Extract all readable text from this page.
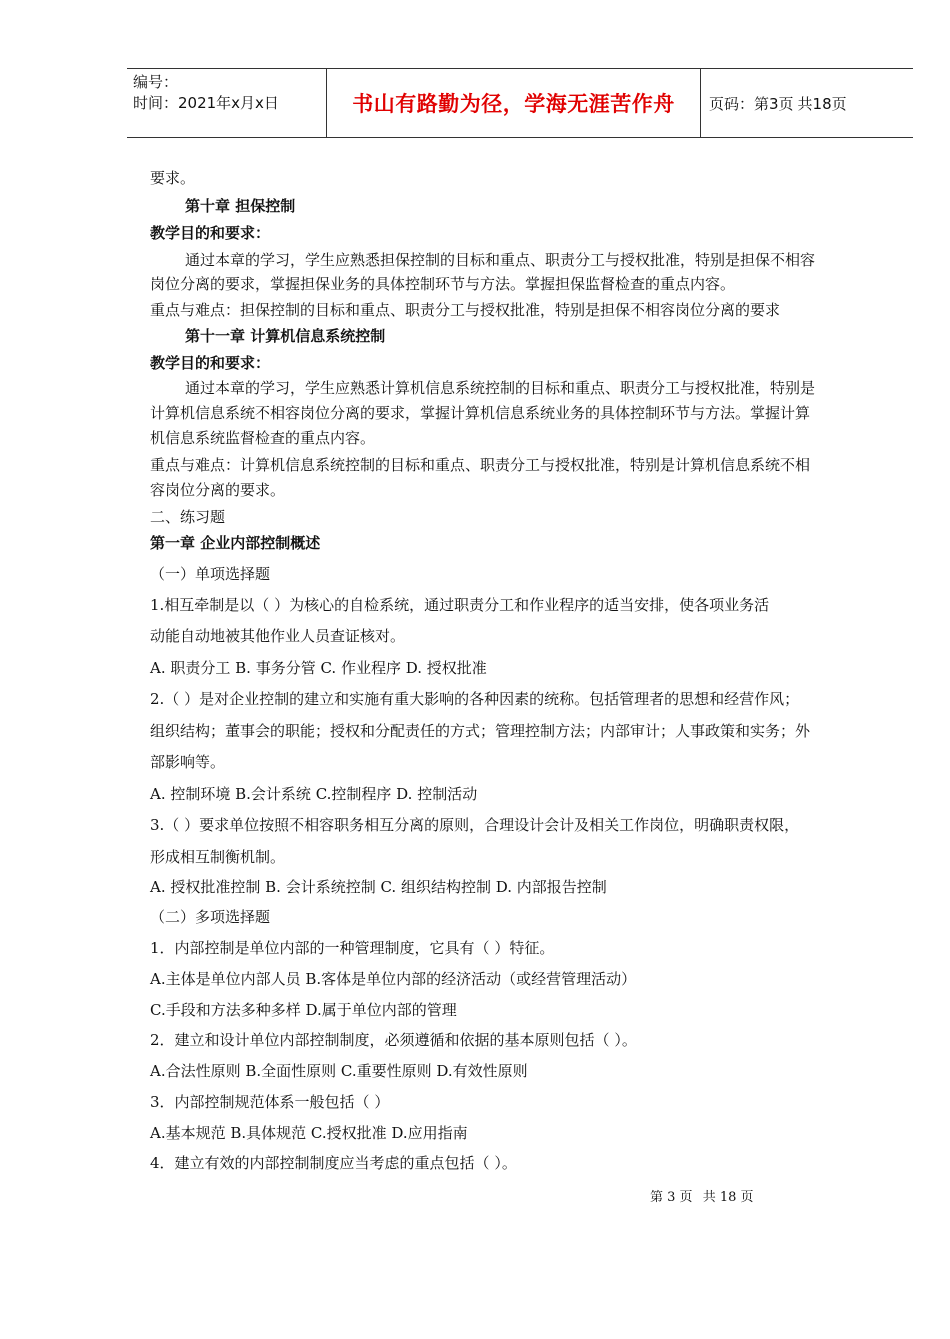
编号：
时间：2021年x月x日	书山有路勤为径，学海无涯苦作舟	页码：第3页 共18页
要求。
第十章 担保控制
教学目的和要求：
通过本章的学习，学生应熟悉担保控制的目标和重点、职责分工与授权批准，特别是担保不相容
岗位分离的要求，掌握担保业务的具体控制环节与方法。掌握担保监督检查的重点内容。
重点与难点：担保控制的目标和重点、职责分工与授权批准，特别是担保不相容岗位分离的要求
第十一章 计算机信息系统控制
教学目的和要求：
通过本章的学习，学生应熟悉计算机信息系统控制的目标和重点、职责分工与授权批准，特别是
计算机信息系统不相容岗位分离的要求，掌握计算机信息系统业务的具体控制环节与方法。掌握计算
机信息系统监督检查的重点内容。
重点与难点：计算机信息系统控制的目标和重点、职责分工与授权批准，特别是计算机信息系统不相
容岗位分离的要求。
二、练习题
第一章 企业内部控制概述
（一）单项选择题
1.相互牵制是以（ ）为核心的自检系统，通过职责分工和作业程序的适当安排，使各项业务活
动能自动地被其他作业人员查证核对。
A. 职责分工 B. 事务分管 C. 作业程序 D. 授权批准
2.（ ）是对企业控制的建立和实施有重大影响的各种因素的统称。包括管理者的思想和经营作风；
组织结构；董事会的职能；授权和分配责任的方式；管理控制方法；内部审计；人事政策和实务；外
部影响等。
A. 控制环境 B.会计系统 C.控制程序 D. 控制活动
3.（ ）要求单位按照不相容职务相互分离的原则，合理设计会计及相关工作岗位，明确职责权限，
形成相互制衡机制。
A. 授权批准控制 B. 会计系统控制 C. 组织结构控制 D. 内部报告控制
（二）多项选择题
1．内部控制是单位内部的一种管理制度，它具有（ ）特征。
A.主体是单位内部人员 B.客体是单位内部的经济活动（或经营管理活动）
C.手段和方法多种多样 D.属于单位内部的管理
2．建立和设计单位内部控制制度，必须遵循和依据的基本原则包括（ ）。
A.合法性原则 B.全面性原则 C.重要性原则 D.有效性原则
3．内部控制规范体系一般包括（ ）
A.基本规范 B.具体规范 C.授权批准 D.应用指南
4．建立有效的内部控制制度应当考虑的重点包括（ ）。
第 3 页 共 18 页
